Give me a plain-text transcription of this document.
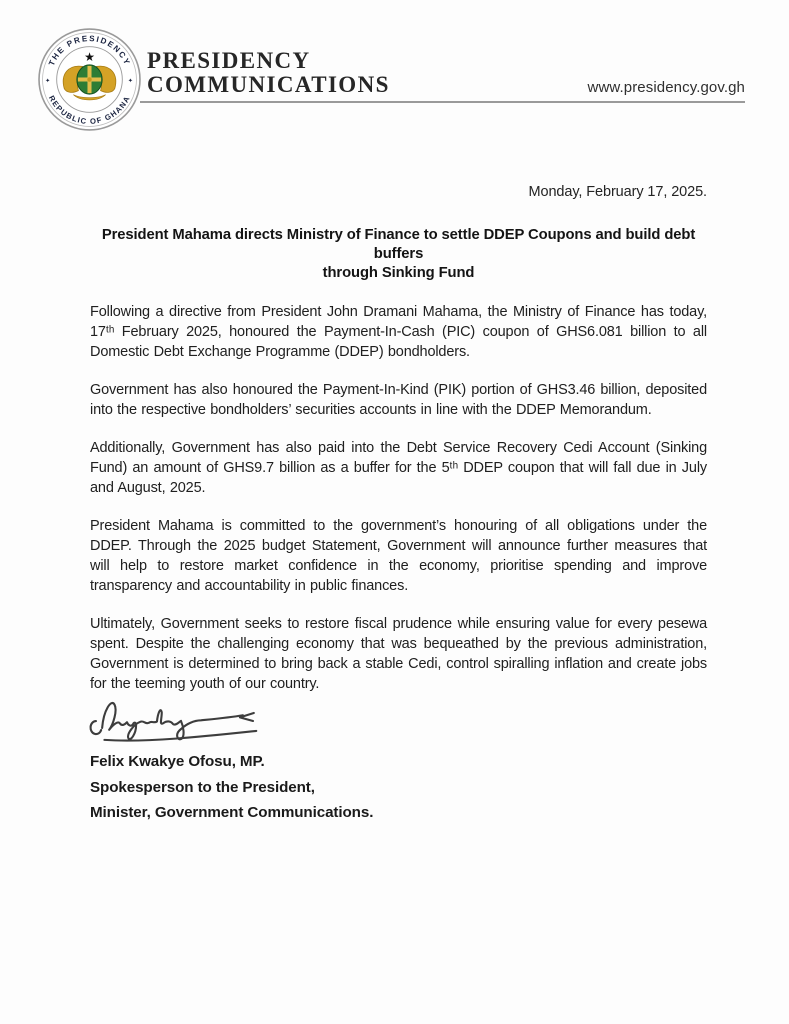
THE PRESIDENCY
REPUBLIC OF GHANA
✦	✦
★ PRESIDENCY
COMMUNICATIONS	www.presidency.gov.gh

Monday, February 17, 2025.

President Mahama directs Ministry of Finance to settle DDEP Coupons and build debt buffers
through Sinking Fund

Following a directive from President John Dramani Mahama, the Ministry of Finance has today, 17ᵗʰ February 2025, honoured the Payment-In-Cash (PIC) coupon of GHS6.081 billion to all Domestic Debt Exchange Programme (DDEP) bondholders.

Government has also honoured the Payment-In-Kind (PIK) portion of GHS3.46 billion, deposited into the respective bondholders’ securities accounts in line with the DDEP Memorandum.

Additionally, Government has also paid into the Debt Service Recovery Cedi Account (Sinking Fund) an amount of GHS9.7 billion as a buffer for the 5ᵗʰ DDEP coupon that will fall due in July and August, 2025.

President Mahama is committed to the government’s honouring of all obligations under the DDEP. Through the 2025 budget Statement, Government will announce further measures that will help to restore market confidence in the economy, prioritise spending and improve transparency and accountability in public finances.

Ultimately, Government seeks to restore fiscal prudence while ensuring value for every pesewa spent. Despite the challenging economy that was bequeathed by the previous administration, Government is determined to bring back a stable Cedi, control spiralling inflation and create jobs for the teeming youth of our country.

Felix Kwakye Ofosu, MP.
Spokesperson to the President,
Minister, Government Communications.
